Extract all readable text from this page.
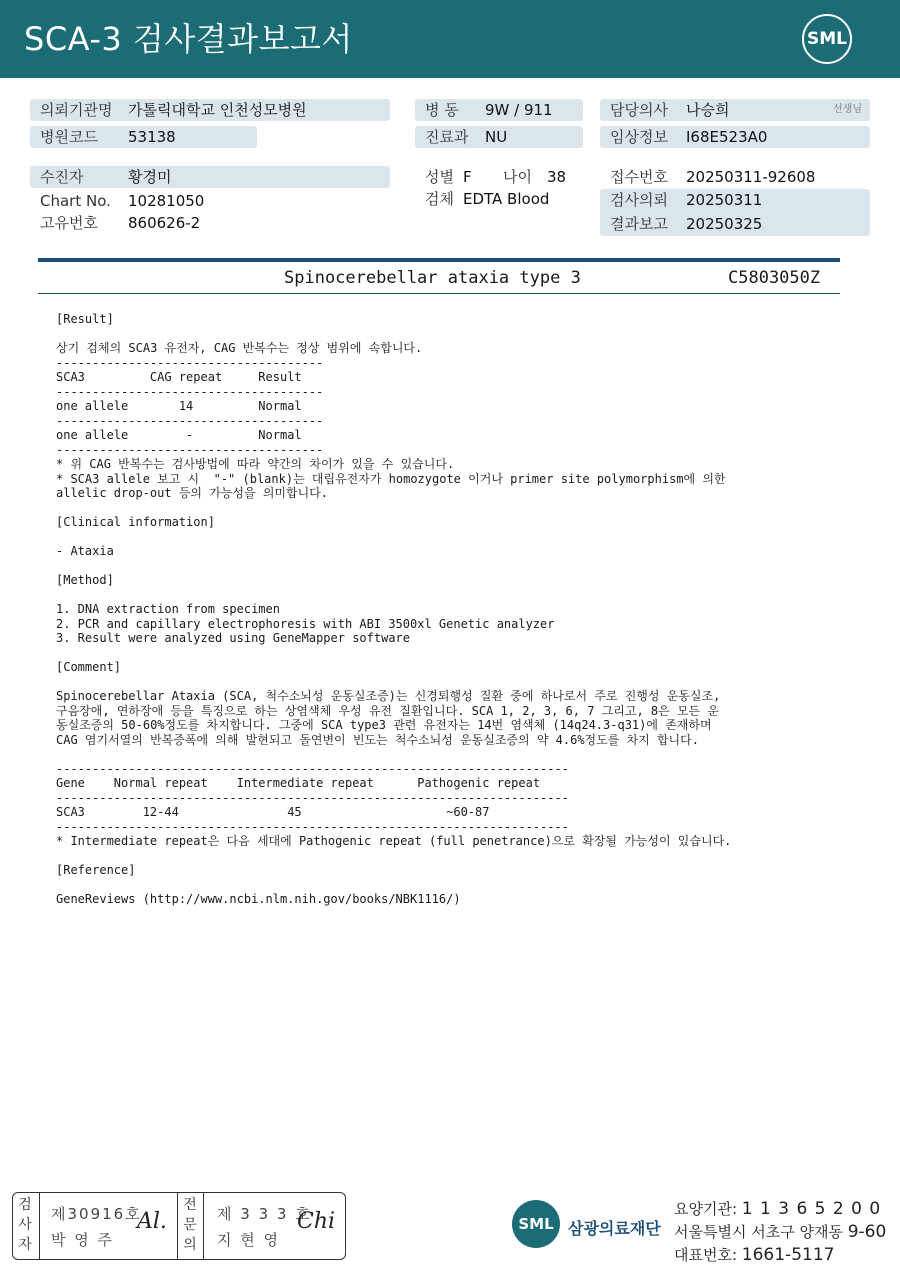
SCA-3 검사결과보고서	SML
의뢰기관명 가톨릭대학교 인천성모병원	병 동 9W / 911	담당의사 나승희	선생님
병원코드 53138	진료과 NU	임상정보 I68E523A0
수진자	황경미	성별 F 나이 38	접수번호 20250311-92608
Chart No. 10281050	검체 EDTA Blood	검사의뢰 20250311
결과보고 20250325
고유번호 860626-2
Spinocerebellar ataxia type 3	C5803050Z
[Result]
상기 검체의 SCA3 유전자, CAG 반복수는 정상 범위에 속합니다.
-------------------------------------
SCA3         CAG repeat     Result
-------------------------------------
one allele       14         Normal
-------------------------------------
one allele        -         Normal
-------------------------------------
* 위 CAG 반복수는 검사방법에 따라 약간의 차이가 있을 수 있습니다.
* SCA3 allele 보고 시  "-" (blank)는 대립유전자가 homozygote 이거나 primer site polymorphism에 의한
allelic drop-out 등의 가능성을 의미합니다.
[Clinical information]
- Ataxia
[Method]
1. DNA extraction from specimen
2. PCR and capillary electrophoresis with ABI 3500xl Genetic analyzer
3. Result were analyzed using GeneMapper software
[Comment]
Spinocerebellar Ataxia (SCA, 척수소뇌성 운동실조증)는 신경퇴행성 질환 중에 하나로서 주로 진행성 운동실조,
구음장애, 연하장애 등을 특징으로 하는 상염색체 우성 유전 질환입니다. SCA 1, 2, 3, 6, 7 그리고, 8은 모든 운
동실조증의 50-60%정도를 차지합니다. 그중에 SCA type3 관련 유전자는 14번 염색체 (14q24.3-q31)에 존재하며
CAG 염기서열의 반복증폭에 의해 발현되고 돌연변이 빈도는 척수소뇌성 운동실조증의 약 4.6%정도를 차지 합니다.
-----------------------------------------------------------------------
Gene    Normal repeat    Intermediate repeat      Pathogenic repeat
-----------------------------------------------------------------------
SCA3        12-44               45                    ~60-87
-----------------------------------------------------------------------
* Intermediate repeat은 다음 세대에 Pathogenic repeat (full penetrance)으로 확장될 가능성이 있습니다.
[Reference]
GeneReviews (http://www.ncbi.nlm.nih.gov/books/NBK1116/)
검
사
자
제30916호
박 영 주
Al.
전
문
의
제 3 3 3 호
지 현 영
Chi	SML 삼광의료재단
요양기관: 1 1 3 6 5 2 0 0
서울특별시 서초구 양재동 9-60
대표번호: 1661-5117
